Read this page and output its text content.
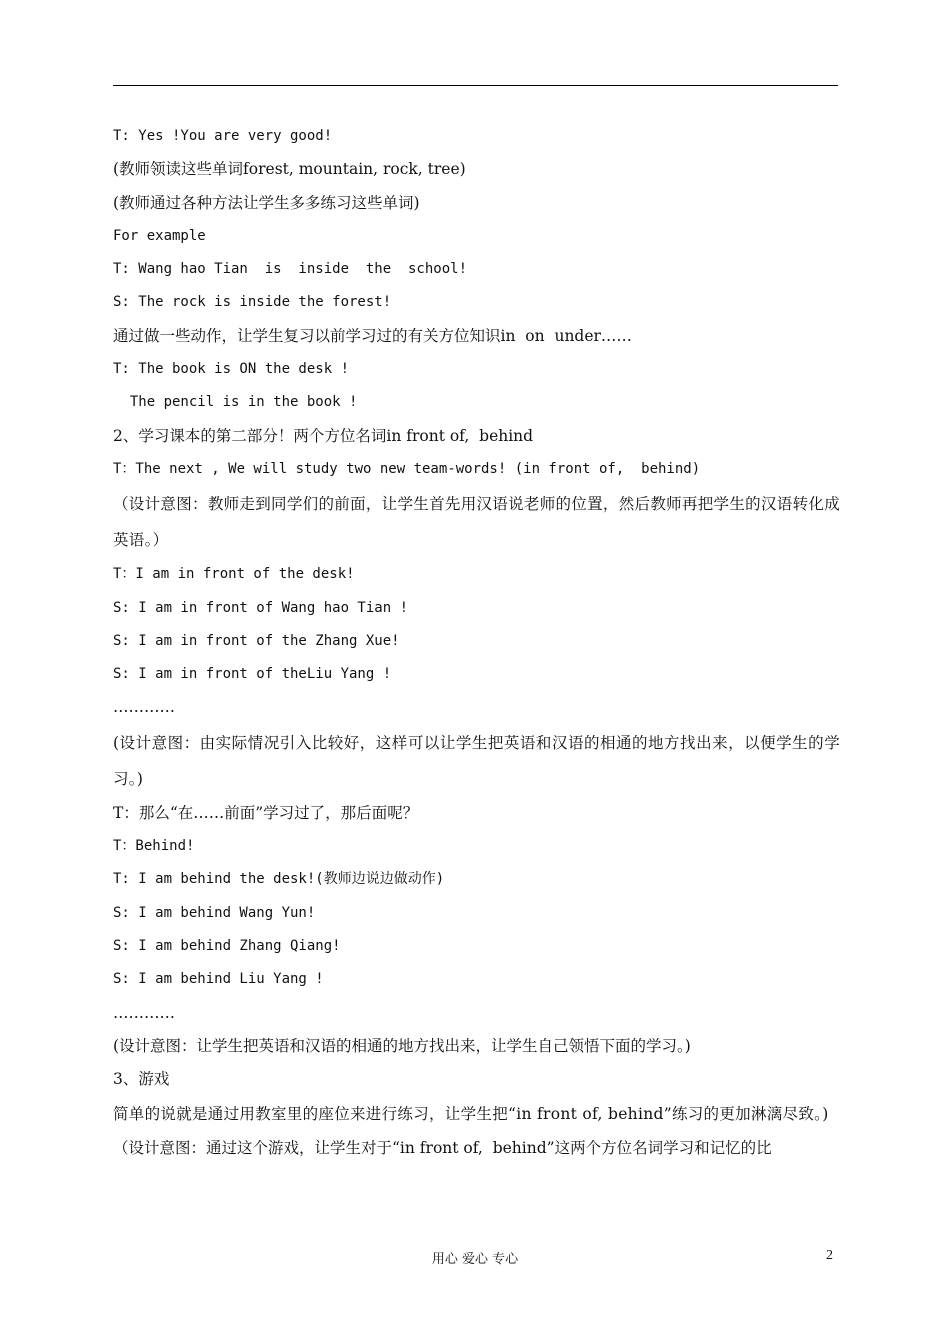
T: Yes !You are very good!
(教师领读这些单词forest, mountain, rock, tree)
(教师通过各种方法让学生多多练习这些单词)
For example
T: Wang hao Tian  is  inside  the  school!
S: The rock is inside the forest!
通过做一些动作，让学生复习以前学习过的有关方位知识in  on  under……
T: The book is ON the desk !
The pencil is in the book !
2、学习课本的第二部分！两个方位名词in front of,  behind
T：The next , We will study two new team-words! (in front of,  behind)
（设计意图：教师走到同学们的前面，让学生首先用汉语说老师的位置，然后教师再把学生的汉语转化成英语。）
T：I am in front of the desk!
S: I am in front of Wang hao Tian !
S: I am in front of the Zhang Xue!
S: I am in front of theLiu Yang !
…………
(设计意图：由实际情况引入比较好，这样可以让学生把英语和汉语的相通的地方找出来，以便学生的学习。)
T：那么“在……前面”学习过了，那后面呢？
T：Behind!
T: I am behind the desk!(教师边说边做动作)
S: I am behind Wang Yun!
S: I am behind Zhang Qiang!
S: I am behind Liu Yang !
…………
(设计意图：让学生把英语和汉语的相通的地方找出来，让学生自己领悟下面的学习。)
3、游戏
简单的说就是通过用教室里的座位来进行练习，让学生把“in front of, behind”练习的更加淋漓尽致。)
（设计意图：通过这个游戏，让学生对于“in front of,  behind”这两个方位名词学习和记忆的比
用心 爱心 专心	2
